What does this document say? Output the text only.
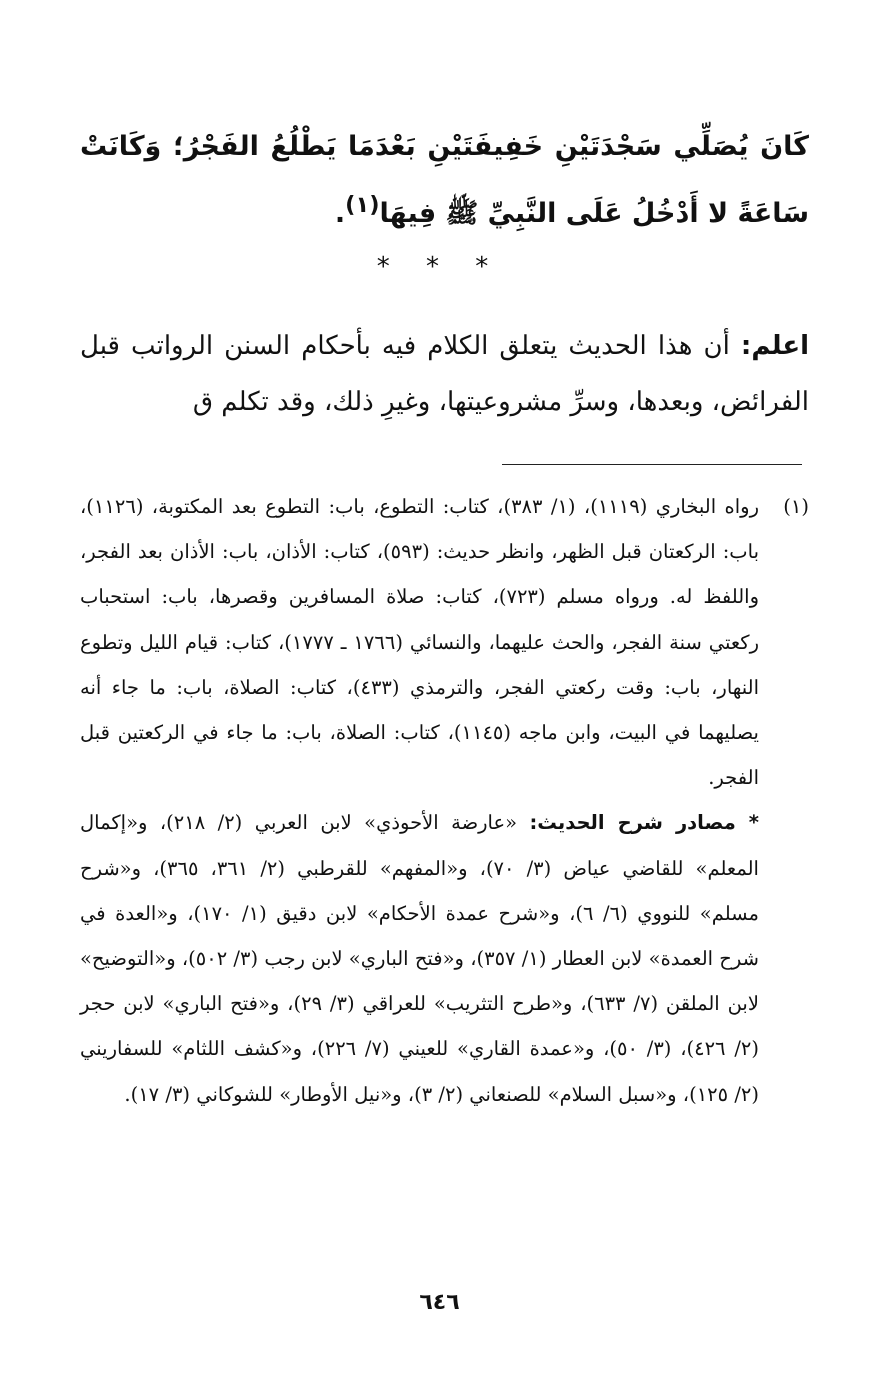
كَانَ يُصَلِّي سَجْدَتَيْنِ خَفِيفَتَيْنِ بَعْدَمَا يَطْلُعُ الفَجْرُ؛ وَكَانَتْ سَاعَةً لا أَدْخُلُ عَلَى النَّبِيِّ ﷺ فِيهَا$^{(١)}$.
* * *
اعلم: أن هذا الحديث يتعلق الكلام فيه بأحكام السنن الرواتب قبل الفرائض، وبعدها، وسرِّ مشروعيتها، وغيرِ ذلك، وقد تكلم ق
(١)
رواه البخاري (١١١٩)، (١/ ٣٨٣)، كتاب: التطوع، باب: التطوع بعد المكتوبة، (١١٢٦)، باب: الركعتان قبل الظهر، وانظر حديث: (٥٩٣)، كتاب: الأذان، باب: الأذان بعد الفجر، واللفظ له. ورواه مسلم (٧٢٣)، كتاب: صلاة المسافرين وقصرها، باب: استحباب ركعتي سنة الفجر، والحث عليهما، والنسائي (١٧٦٦ ـ ١٧٧٧)، كتاب: قيام الليل وتطوع النهار، باب: وقت ركعتي الفجر، والترمذي (٤٣٣)، كتاب: الصلاة، باب: ما جاء أنه يصليهما في البيت، وابن ماجه (١١٤٥)، كتاب: الصلاة، باب: ما جاء في الركعتين قبل الفجر.
* مصادر شرح الحديث: «عارضة الأحوذي» لابن العربي (٢/ ٢١٨)، و«إكمال المعلم» للقاضي عياض (٣/ ٧٠)، و«المفهم» للقرطبي (٢/ ٣٦١، ٣٦٥)، و«شرح مسلم» للنووي (٦/ ٦)، و«شرح عمدة الأحكام» لابن دقيق (١/ ١٧٠)، و«العدة في شرح العمدة» لابن العطار (١/ ٣٥٧)، و«فتح الباري» لابن رجب (٣/ ٥٠٢)، و«التوضيح» لابن الملقن (٧/ ٦٣٣)، و«طرح التثريب» للعراقي (٣/ ٢٩)، و«فتح الباري» لابن حجر (٢/ ٤٢٦)، (٣/ ٥٠)، و«عمدة القاري» للعيني (٧/ ٢٢٦)، و«كشف اللثام» للسفاريني (٢/ ١٢٥)، و«سبل السلام» للصنعاني (٢/ ٣)، و«نيل الأوطار» للشوكاني (٣/ ١٧).
٦٤٦
